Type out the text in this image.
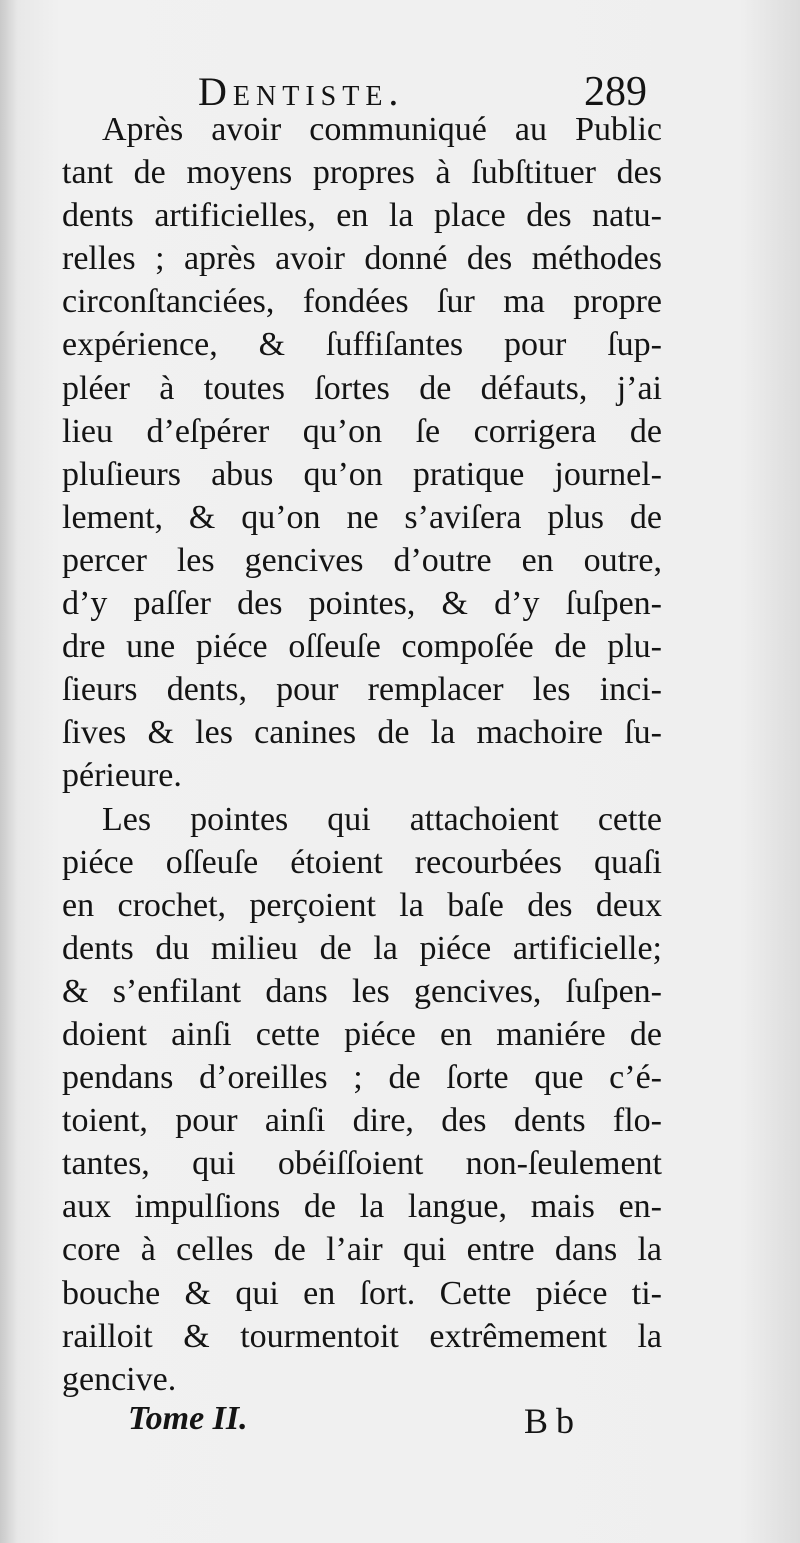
Dentiste.	289
Après avoir communiqué au Public
tant de moyens propres à ſubſtituer des
dents artificielles, en la place des natu-
relles ; après avoir donné des méthodes
circonſtanciées, fondées ſur ma propre
expérience, & ſuffiſantes pour ſup-
pléer à toutes ſortes de défauts, j’ai
lieu d’eſpérer qu’on ſe corrigera de
pluſieurs abus qu’on pratique journel-
lement, & qu’on ne s’aviſera plus de
percer les gencives d’outre en outre,
d’y paſſer des pointes, & d’y ſuſpen-
dre une piéce oſſeuſe compoſée de plu-
ſieurs dents, pour remplacer les inci-
ſives & les canines de la machoire ſu-
périeure.
Les pointes qui attachoient cette
piéce oſſeuſe étoient recourbées quaſi
en crochet, perçoient la baſe des deux
dents du milieu de la piéce artificielle;
& s’enfilant dans les gencives, ſuſpen-
doient ainſi cette piéce en maniére de
pendans d’oreilles ; de ſorte que c’é-
toient, pour ainſi dire, des dents flo-
tantes, qui obéiſſoient non-ſeulement
aux impulſions de la langue, mais en-
core à celles de l’air qui entre dans la
bouche & qui en ſort. Cette piéce ti-
railloit & tourmentoit extrêmement la
gencive.
Tome II.	Bb
